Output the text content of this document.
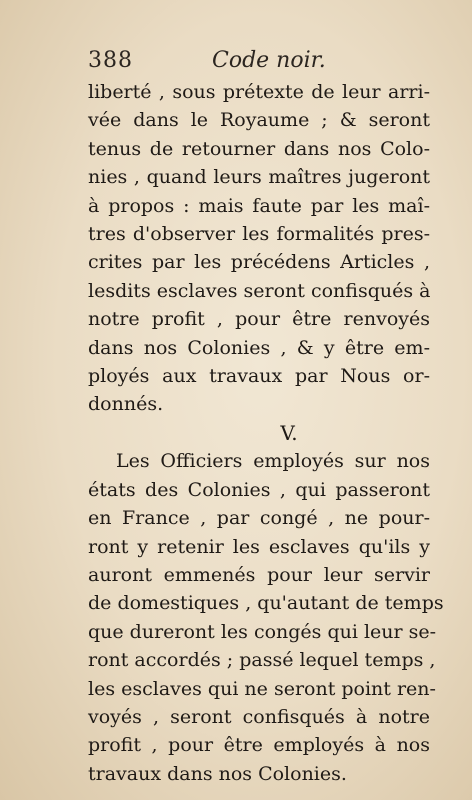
388	Code noir.
liberté , sous prétexte de leur arri-
vée dans le Royaume ; & seront
tenus de retourner dans nos Colo-
nies , quand leurs maîtres jugeront
à propos : mais faute par les maî-
tres d'observer les formalités pres-
crites par les précédens Articles ,
lesdits esclaves seront confisqués à
notre profit , pour être renvoyés
dans nos Colonies , & y être em-
ployés aux travaux par Nous or-
donnés.
V.
Les Officiers employés sur nos
états des Colonies , qui passeront
en France , par congé , ne pour-
ront y retenir les esclaves qu'ils y
auront emmenés pour leur servir
de domestiques , qu'autant de temps
que dureront les congés qui leur se-
ront accordés ; passé lequel temps ,
les esclaves qui ne seront point ren-
voyés , seront confisqués à notre
profit , pour être employés à nos
travaux dans nos Colonies.
